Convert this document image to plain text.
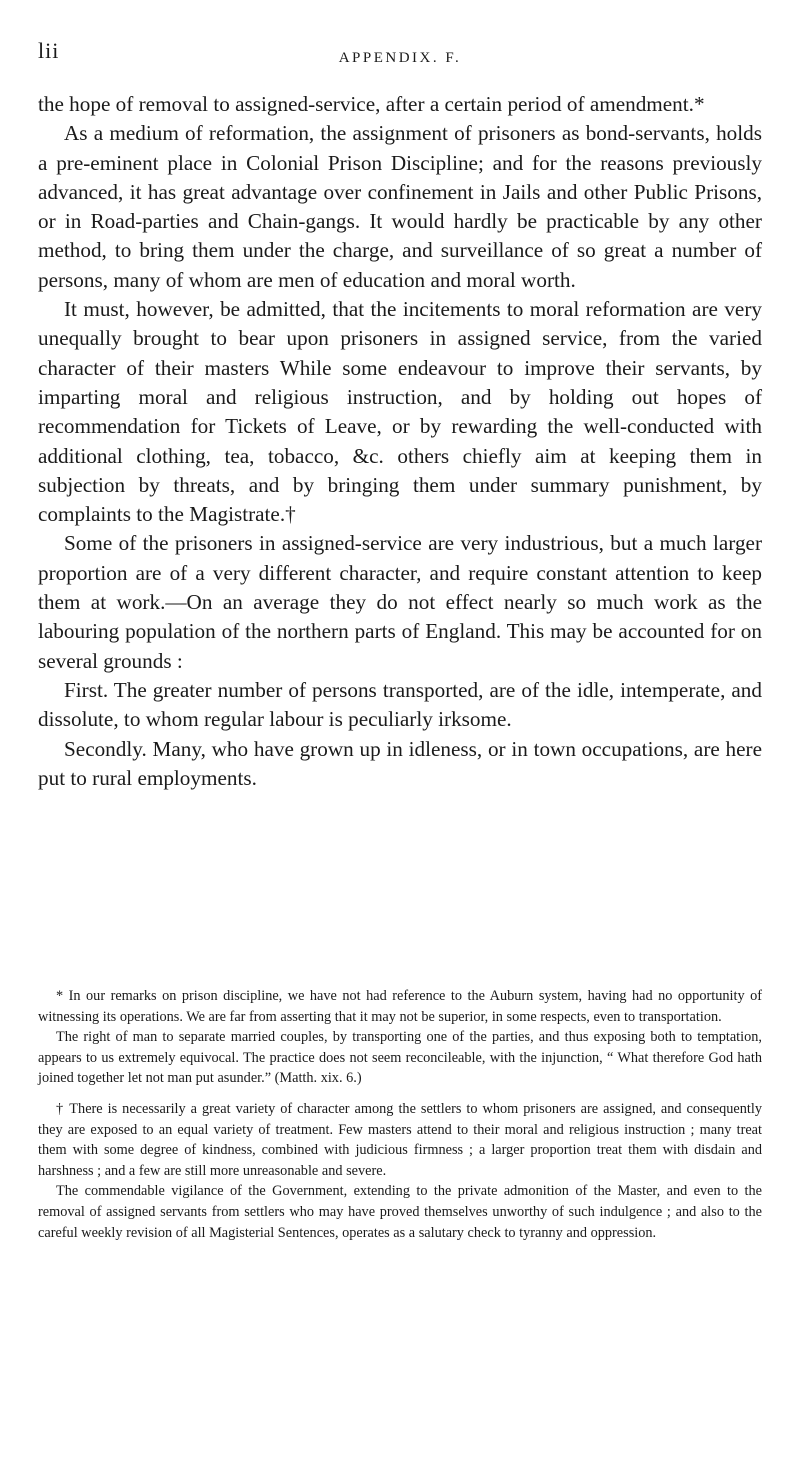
lii	APPENDIX. F.

the hope of removal to assigned-service, after a certain period of amendment.*

As a medium of reformation, the assignment of prisoners as bond-servants, holds a pre-eminent place in Colonial Prison Discipline; and for the reasons previously advanced, it has great advantage over confinement in Jails and other Public Prisons, or in Road-parties and Chain-gangs. It would hardly be practicable by any other method, to bring them under the charge, and surveillance of so great a number of persons, many of whom are men of education and moral worth.

It must, however, be admitted, that the incitements to moral reformation are very unequally brought to bear upon prisoners in assigned service, from the varied character of their masters While some endeavour to improve their servants, by imparting moral and religious instruction, and by holding out hopes of recommendation for Tickets of Leave, or by rewarding the well-conducted with additional clothing, tea, tobacco, &c. others chiefly aim at keeping them in subjection by threats, and by bringing them under summary punishment, by complaints to the Magistrate.†

Some of the prisoners in assigned-service are very industrious, but a much larger proportion are of a very different character, and require constant attention to keep them at work.—On an average they do not effect nearly so much work as the labouring population of the northern parts of England. This may be accounted for on several grounds :

First. The greater number of persons transported, are of the idle, intemperate, and dissolute, to whom regular labour is peculiarly irksome.

Secondly. Many, who have grown up in idleness, or in town occupations, are here put to rural employments.

* In our remarks on prison discipline, we have not had reference to the Auburn system, having had no opportunity of witnessing its operations. We are far from asserting that it may not be superior, in some respects, even to transportation.

The right of man to separate married couples, by transporting one of the parties, and thus exposing both to temptation, appears to us extremely equivocal. The practice does not seem reconcileable, with the injunction, “ What therefore God hath joined together let not man put asunder.” (Matth. xix. 6.)

† There is necessarily a great variety of character among the settlers to whom prisoners are assigned, and consequently they are exposed to an equal variety of treatment. Few masters attend to their moral and religious instruction ; many treat them with some degree of kindness, combined with judicious firmness ; a larger proportion treat them with disdain and harshness ; and a few are still more unreasonable and severe.

The commendable vigilance of the Government, extending to the private admonition of the Master, and even to the removal of assigned servants from settlers who may have proved themselves unworthy of such indulgence ; and also to the careful weekly revision of all Magisterial Sentences, operates as a salutary check to tyranny and oppression.
